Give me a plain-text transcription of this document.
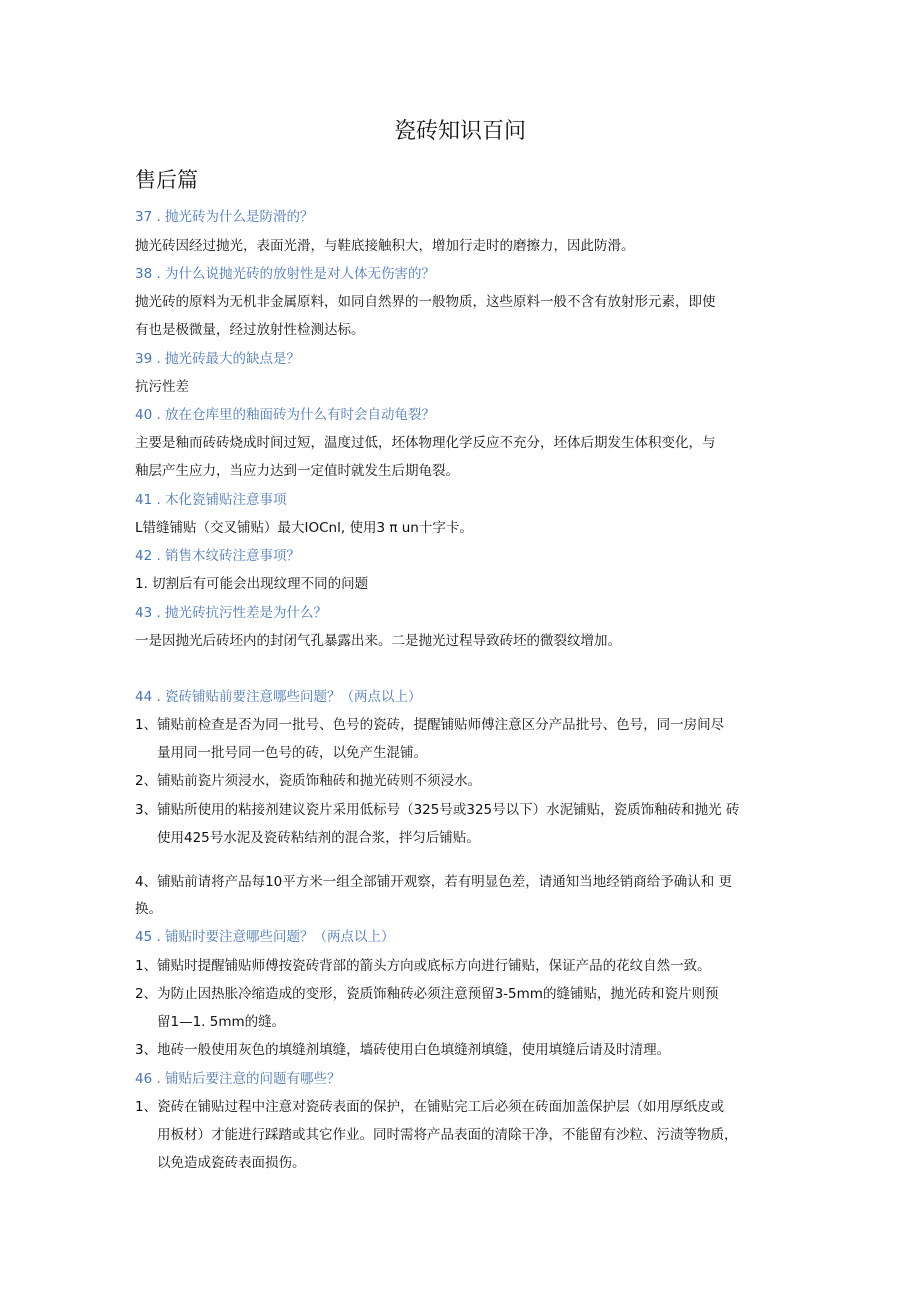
瓷砖知识百问
售后篇
37 . 抛光砖为什么是防滑的？
抛光砖因经过抛光，表面光滑，与鞋底接触积大，增加行走时的磨擦力，因此防滑。
38 . 为什么说抛光砖的放射性是对人体无伤害的？
抛光砖的原料为无机非金属原料，如同自然界的一般物质，这些原料一般不含有放射形元素，即使
有也是极微量，经过放射性检测达标。
39 . 抛光砖最大的缺点是？
抗污性差
40 . 放在仓库里的釉面砖为什么有时会自动龟裂？
主要是釉而砖砖烧成时间过短，温度过低，坯体物理化学反应不充分，坯体后期发生体积变化，与
釉层产生应力，当应力达到一定值时就发生后期龟裂。
41 . 木化瓷铺贴注意事项
L错缝铺贴（交叉铺贴）最大IOCnl, 使用3 π un十字卡。
42 . 销售木纹砖注意事项？
1. 切割后有可能会出现纹理不同的问题
43 . 抛光砖抗污性差是为什么？
一是因抛光后砖坯内的封闭气孔暴露出来。二是抛光过程导致砖坯的微裂纹增加。
44 . 瓷砖铺贴前要注意哪些问题？（两点以上）
1、铺贴前检查是否为同一批号、色号的瓷砖，提醒铺贴师傅注意区分产品批号、色号，同一房间尽
量用同一批号同一色号的砖，以免产生混铺。
2、铺贴前瓷片须浸水，瓷质饰釉砖和抛光砖则不须浸水。
3、铺贴所使用的粘接剂建议瓷片采用低标号（325号或325号以下）水泥铺贴，瓷质饰釉砖和抛光 砖
使用425号水泥及瓷砖粘结剂的混合浆，拌匀后铺贴。
4、铺贴前请将产品每10平方米一组全部铺开观察，若有明显色差，请通知当地经销商给予确认和 更
换。
45 . 铺贴时要注意哪些问题？（两点以上）
1、铺贴时提醒铺贴师傅按瓷砖背部的箭头方向或底标方向进行铺贴，保证产品的花纹自然一致。
2、为防止因热胀冷缩造成的变形，瓷质饰釉砖必须注意预留3-5mm的缝铺贴，抛光砖和瓷片则预
留1—1. 5mm的缝。
3、地砖一般使用灰色的填缝剂填缝，墙砖使用白色填缝剂填缝，使用填缝后请及时清理。
46 . 铺贴后要注意的问题有哪些？
1、瓷砖在铺贴过程中注意对瓷砖表面的保护，在铺贴完工后必须在砖面加盖保护层（如用厚纸皮或
用板材）才能进行踩踏或其它作业。同时需将产品表面的清除干净，不能留有沙粒、污渍等物质，
以免造成瓷砖表面损伤。
